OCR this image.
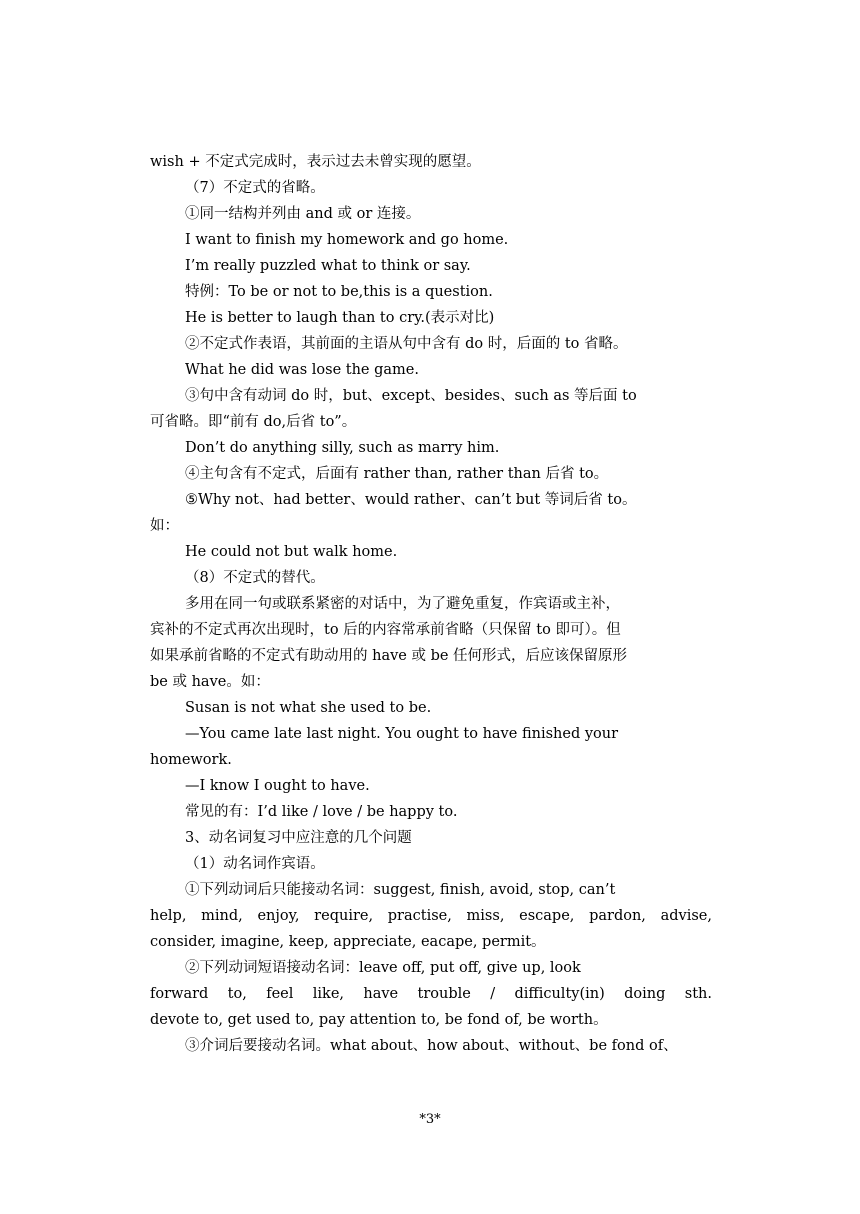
wish + 不定式完成时，表示过去未曾实现的愿望。
（7）不定式的省略。
①同一结构并列由 and 或 or 连接。
I want to finish my homework and go home.
I’m really puzzled what to think or say.
特例：To be or not to be,this is a question.
He is better to laugh than to cry.(表示对比)
②不定式作表语，其前面的主语从句中含有 do 时，后面的 to 省略。
What he did was lose the game.
③句中含有动词 do 时，but、except、besides、such as 等后面 to
可省略。即“前有 do,后省 to”。
Don’t do anything silly, such as marry him.
④主句含有不定式，后面有 rather than, rather than 后省 to。
⑤Why not、had better、would rather、can’t but 等词后省 to。
如：
He could not but walk home.
（8）不定式的替代。
多用在同一句或联系紧密的对话中，为了避免重复，作宾语或主补，
宾补的不定式再次出现时，to 后的内容常承前省略（只保留 to 即可）。但
如果承前省略的不定式有助动用的 have 或 be 任何形式，后应该保留原形
be 或 have。如：
Susan is not what she used to be.
—You came late last night. You ought to have finished your
homework.
—I know I ought to have.
常见的有：I’d like / love / be happy to.
3、动名词复习中应注意的几个问题
（1）动名词作宾语。
①下列动词后只能接动名词：suggest, finish, avoid, stop, can’t
help, mind, enjoy, require, practise, miss, escape, pardon, advise,
consider, imagine, keep, appreciate, eacape, permit。
②下列动词短语接动名词：leave off, put off, give up, look
forward to, feel like, have trouble / difficulty(in) doing sth.
devote to, get used to, pay attention to, be fond of, be worth。
③介词后要接动名词。what about、how about、without、be fond of、
*3*
